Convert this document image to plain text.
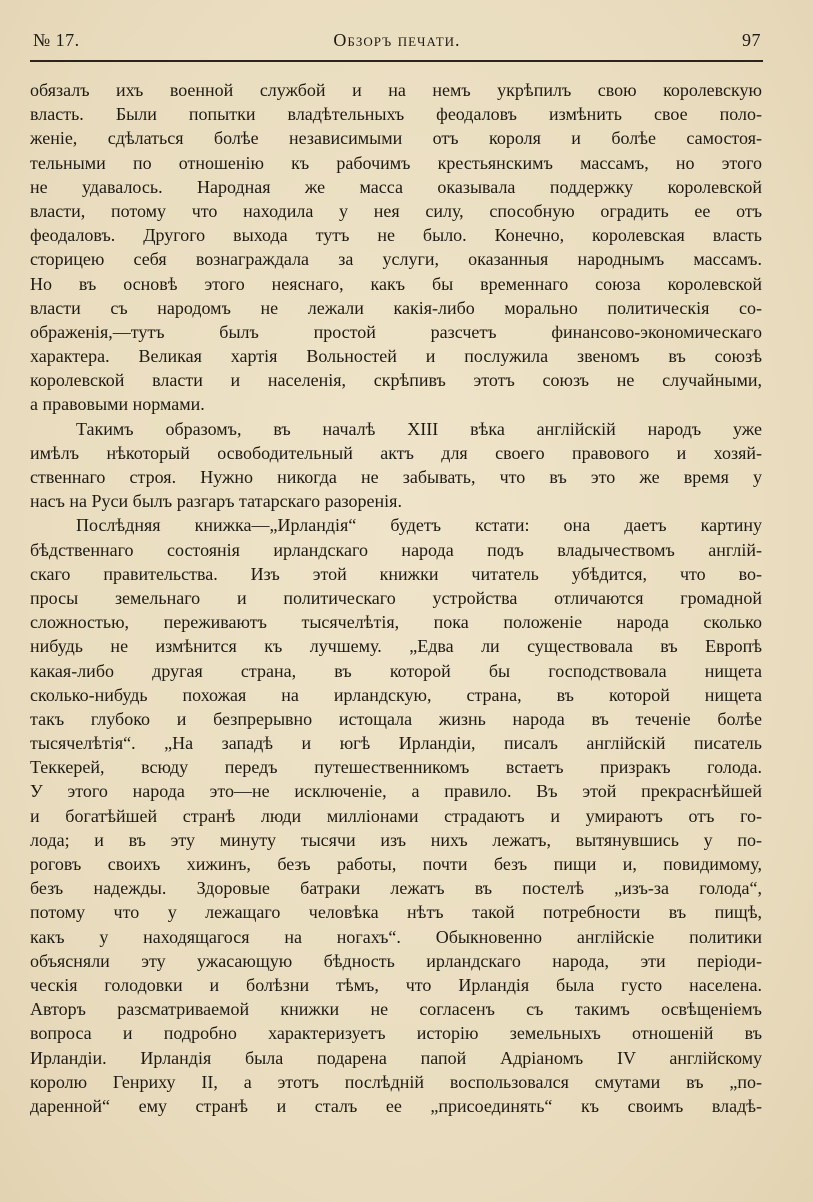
№ 17.	Обзоръ печати.	97
обязалъ ихъ военной службой и на немъ укрѣпилъ свою королевскую
власть. Были попытки владѣтельныхъ феодаловъ измѣнить свое поло-
женіе, сдѣлаться болѣе независимыми отъ короля и болѣе самостоя-
тельными по отношенію къ рабочимъ крестьянскимъ массамъ, но этого
не удавалось. Народная же масса оказывала поддержку королевской
власти, потому что находила у нея силу, способную оградить ее отъ
феодаловъ. Другого выхода тутъ не было. Конечно, королевская власть
сторицею себя вознаграждала за услуги, оказанныя народнымъ массамъ.
Но въ основѣ этого неяснаго, какъ бы временнаго союза королевской
власти съ народомъ не лежали какія-либо морально политическія со-
ображенія,—тутъ былъ простой разсчетъ финансово-экономическаго
характера. Великая хартія Вольностей и послужила звеномъ въ союзѣ
королевской власти и населенія, скрѣпивъ этотъ союзъ не случайными,
а правовыми нормами.
Такимъ образомъ, въ началѣ XIII вѣка англійскій народъ уже
имѣлъ нѣкоторый освободительный актъ для своего правового и хозяй-
ственнаго строя. Нужно никогда не забывать, что въ это же время у
насъ на Руси былъ разгаръ татарскаго разоренія.
Послѣдняя книжка—„Ирландія“ будетъ кстати: она даетъ картину
бѣдственнаго состоянія ирландскаго народа подъ владычествомъ англій-
скаго правительства. Изъ этой книжки читатель убѣдится, что во-
просы земельнаго и политическаго устройства отличаются громадной
сложностью, переживаютъ тысячелѣтія, пока положеніе народа сколько
нибудь не измѣнится къ лучшему. „Едва ли существовала въ Европѣ
какая-либо другая страна, въ которой бы господствовала нищета
сколько-нибудь похожая на ирландскую, страна, въ которой нищета
такъ глубоко и безпрерывно истощала жизнь народа въ теченіе болѣе
тысячелѣтія“. „На западѣ и югѣ Ирландіи, писалъ англійскій писатель
Теккерей, всюду передъ путешественникомъ встаетъ призракъ голода.
У этого народа это—не исключеніе, а правило. Въ этой прекраснѣйшей
и богатѣйшей странѣ люди милліонами страдаютъ и умираютъ отъ го-
лода; и въ эту минуту тысячи изъ нихъ лежатъ, вытянувшись у по-
роговъ своихъ хижинъ, безъ работы, почти безъ пищи и, повидимому,
безъ надежды. Здоровые батраки лежатъ въ постелѣ „изъ-за голода“,
потому что у лежащаго человѣка нѣтъ такой потребности въ пищѣ,
какъ у находящагося на ногахъ“. Обыкновенно англійскіе политики
объясняли эту ужасающую бѣдность ирландскаго народа, эти періоди-
ческія голодовки и болѣзни тѣмъ, что Ирландія была густо населена.
Авторъ разсматриваемой книжки не согласенъ съ такимъ освѣщеніемъ
вопроса и подробно характеризуетъ исторію земельныхъ отношеній въ
Ирландіи. Ирландія была подарена папой Адріаномъ IV англійскому
королю Генриху II, а этотъ послѣдній воспользовался смутами въ „по-
даренной“ ему странѣ и сталъ ее „присоединять“ къ своимъ владѣ-
